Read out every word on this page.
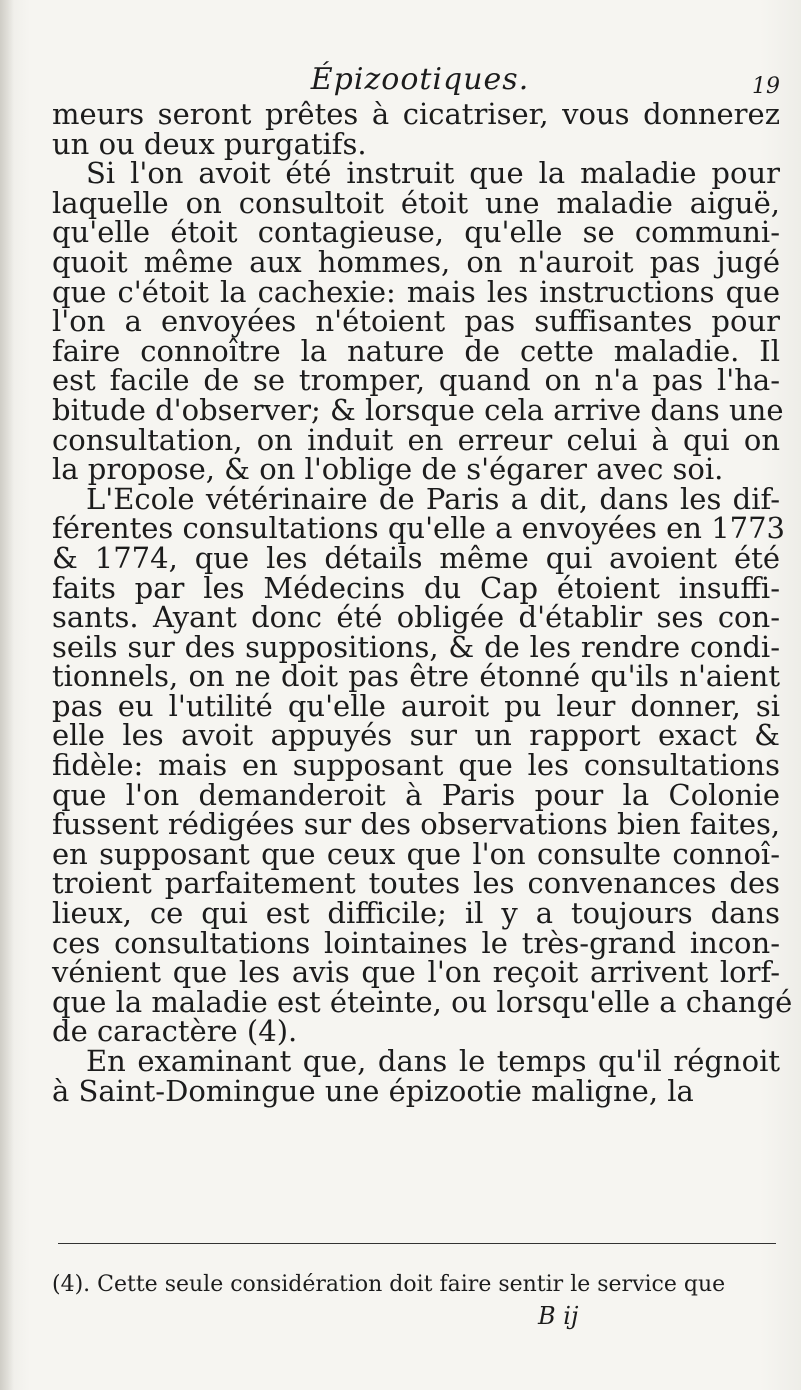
Épizootiques.	19

meurs seront prêtes à cicatriser, vous donnerez
un ou deux purgatifs.

Si l'on avoit été instruit que la maladie pour
laquelle on consultoit étoit une maladie aiguë,
qu'elle étoit contagieuse, qu'elle se communi-
quoit même aux hommes, on n'auroit pas jugé
que c'étoit la cachexie: mais les instructions que
l'on a envoyées n'étoient pas suffisantes pour
faire connoître la nature de cette maladie. Il
est facile de se tromper, quand on n'a pas l'ha-
bitude d'observer; & lorsque cela arrive dans une
consultation, on induit en erreur celui à qui on
la propose, & on l'oblige de s'égarer avec soi.

L'Ecole vétérinaire de Paris a dit, dans les dif-
férentes consultations qu'elle a envoyées en 1773
& 1774, que les détails même qui avoient été
faits par les Médecins du Cap étoient insuffi-
sants. Ayant donc été obligée d'établir ses con-
seils sur des suppositions, & de les rendre condi-
tionnels, on ne doit pas être étonné qu'ils n'aient
pas eu l'utilité qu'elle auroit pu leur donner, si
elle les avoit appuyés sur un rapport exact &
fidèle: mais en supposant que les consultations
que l'on demanderoit à Paris pour la Colonie
fussent rédigées sur des observations bien faites,
en supposant que ceux que l'on consulte connoî-
troient parfaitement toutes les convenances des
lieux, ce qui est difficile; il y a toujours dans
ces consultations lointaines le très-grand incon-
vénient que les avis que l'on reçoit arrivent lorf-
que la maladie est éteinte, ou lorsqu'elle a changé
de caractère (4).

En examinant que, dans le temps qu'il régnoit
à Saint-Domingue une épizootie maligne, la

(4). Cette seule considération doit faire sentir le service que
B ij
